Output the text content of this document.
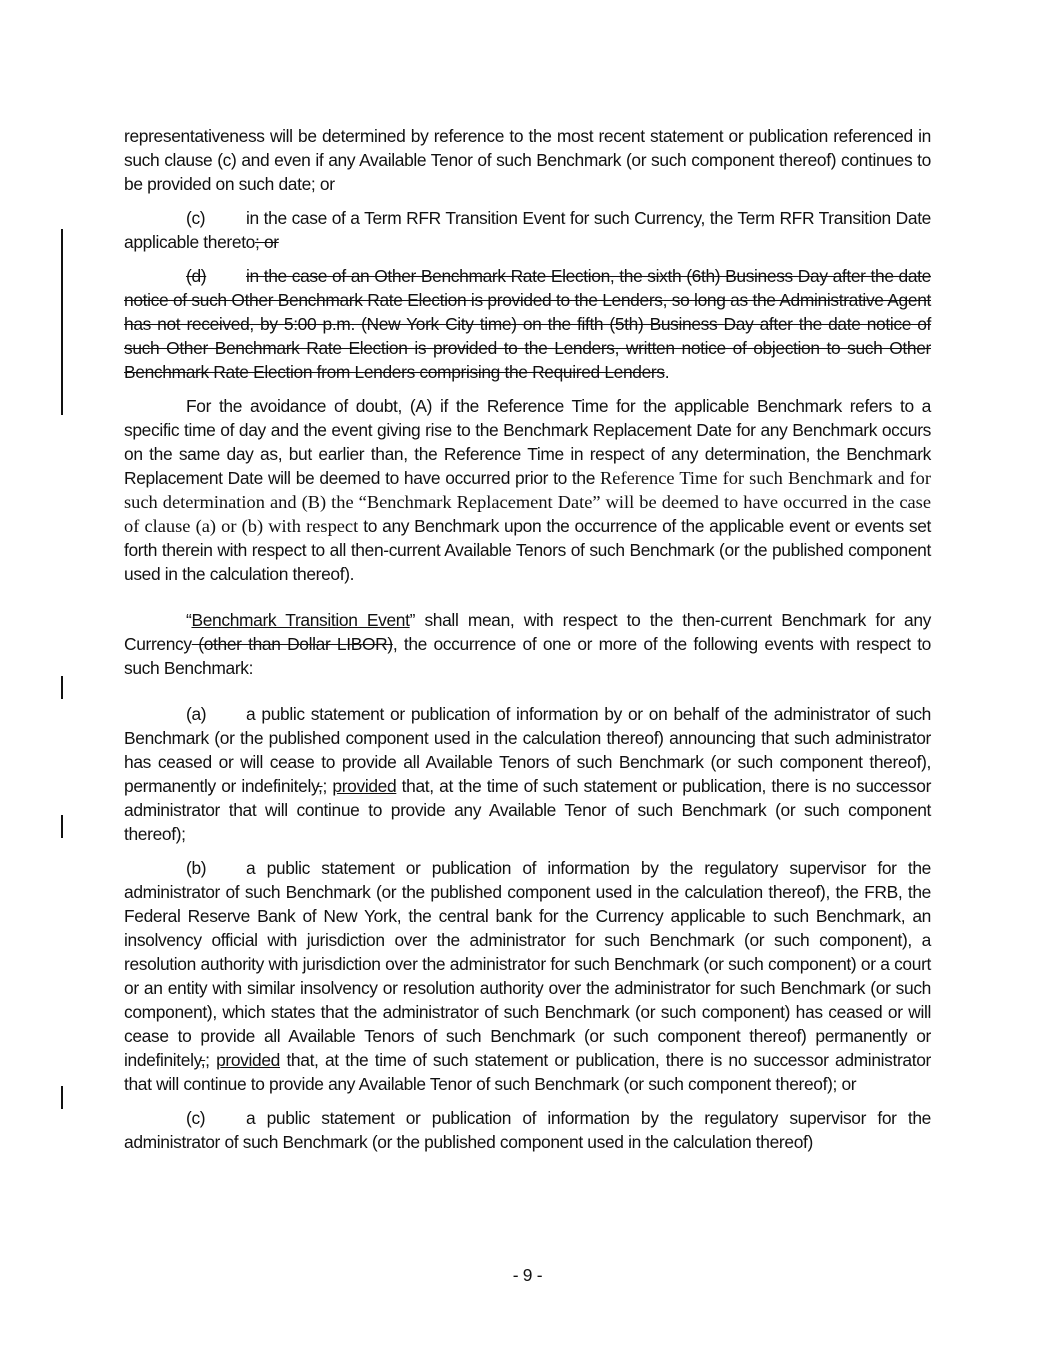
representativeness will be determined by reference to the most recent statement or publication referenced in such clause (c) and even if any Available Tenor of such Benchmark (or such component thereof) continues to be provided on such date; or

(c) in the case of a Term RFR Transition Event for such Currency, the Term RFR Transition Date applicable thereto; or

(d) in the case of an Other Benchmark Rate Election, the sixth (6th) Business Day after the date notice of such Other Benchmark Rate Election is provided to the Lenders, so long as the Administrative Agent has not received, by 5:00 p.m. (New York City time) on the fifth (5th) Business Day after the date notice of such Other Benchmark Rate Election is provided to the Lenders, written notice of objection to such Other Benchmark Rate Election from Lenders comprising the Required Lenders.

For the avoidance of doubt, (A) if the Reference Time for the applicable Benchmark refers to a specific time of day and the event giving rise to the Benchmark Replacement Date for any Benchmark occurs on the same day as, but earlier than, the Reference Time in respect of any determination, the Benchmark Replacement Date will be deemed to have occurred prior to the Reference Time for such Benchmark and for such determination and (B) the “Benchmark Replacement Date” will be deemed to have occurred in the case of clause (a) or (b) with respect to any Benchmark upon the occurrence of the applicable event or events set forth therein with respect to all then-current Available Tenors of such Benchmark (or the published component used in the calculation thereof).

“Benchmark Transition Event” shall mean, with respect to the then-current Benchmark for any Currency (other than Dollar LIBOR), the occurrence of one or more of the following events with respect to such Benchmark:

(a) a public statement or publication of information by or on behalf of the administrator of such Benchmark (or the published component used in the calculation thereof) announcing that such administrator has ceased or will cease to provide all Available Tenors of such Benchmark (or such component thereof), permanently or indefinitely,; provided that, at the time of such statement or publication, there is no successor administrator that will continue to provide any Available Tenor of such Benchmark (or such component thereof);

(b) a public statement or publication of information by the regulatory supervisor for the administrator of such Benchmark (or the published component used in the calculation thereof), the FRB, the Federal Reserve Bank of New York, the central bank for the Currency applicable to such Benchmark, an insolvency official with jurisdiction over the administrator for such Benchmark (or such component), a resolution authority with jurisdiction over the administrator for such Benchmark (or such component) or a court or an entity with similar insolvency or resolution authority over the administrator for such Benchmark (or such component), which states that the administrator of such Benchmark (or such component) has ceased or will cease to provide all Available Tenors of such Benchmark (or such component thereof) permanently or indefinitely,; provided that, at the time of such statement or publication, there is no successor administrator that will continue to provide any Available Tenor of such Benchmark (or such component thereof); or

(c) a public statement or publication of information by the regulatory supervisor for the administrator of such Benchmark (or the published component used in the calculation thereof)

- 9 -
